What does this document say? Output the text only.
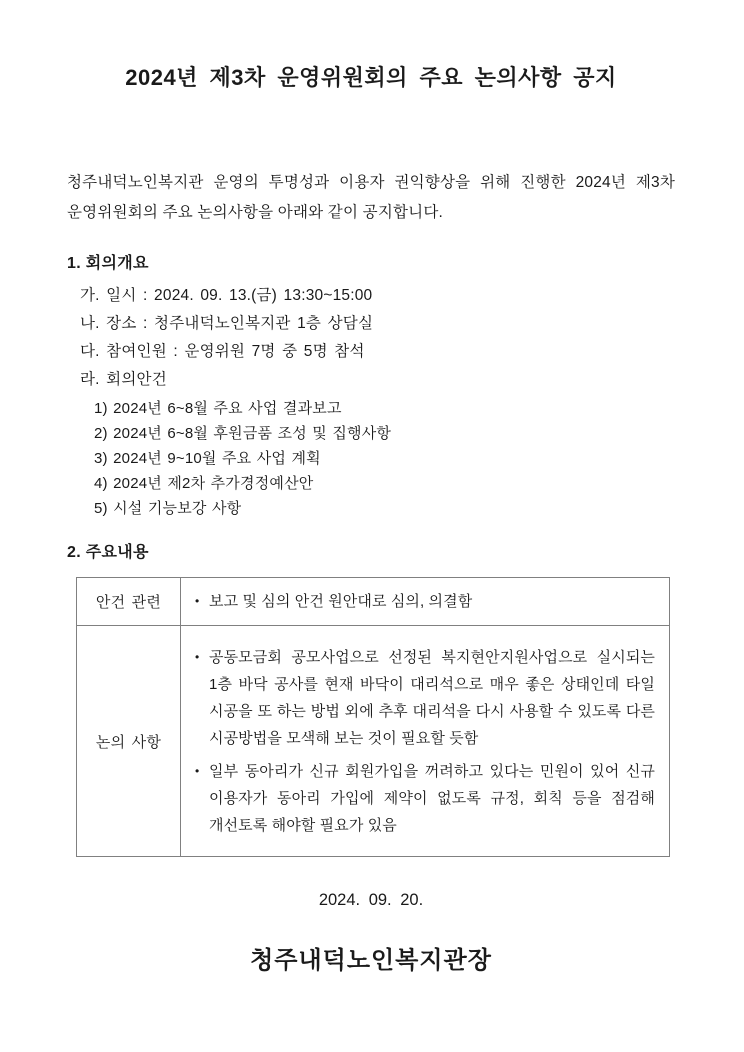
2024년 제3차 운영위원회의 주요 논의사항 공지

청주내덕노인복지관 운영의 투명성과 이용자 권익향상을 위해 진행한 2024년 제3차 운영위원회의 주요 논의사항을 아래와 같이 공지합니다.

1. 회의개요
가. 일시 : 2024. 09. 13.(금) 13:30~15:00
나. 장소 : 청주내덕노인복지관 1층 상담실
다. 참여인원 : 운영위원 7명 중 5명 참석
라. 회의안건
1) 2024년 6~8월 주요 사업 결과보고
2) 2024년 6~8월 후원금품 조성 및 집행사항
3) 2024년 9~10월 주요 사업 계획
4) 2024년 제2차 추가경정예산안
5) 시설 기능보강 사항
2. 주요내용
안건 관련	• 보고 및 심의 안건 원안대로 심의, 의결함

논의 사항	
• 공동모금회 공모사업으로 선정된 복지현안지원사업으로 실시되는 1층 바닥 공사를 현재 바닥이 대리석으로 매우 좋은 상태인데 타일 시공을 또 하는 방법 외에 추후 대리석을 다시 사용할 수 있도록 다른 시공방법을 모색해 보는 것이 필요할 듯함
• 일부 동아리가 신규 회원가입을 꺼려하고 있다는 민원이 있어 신규 이용자가 동아리 가입에 제약이 없도록 규정, 회칙 등을 점검해 개선토록 해야할 필요가 있음

2024. 09. 20.

청주내덕노인복지관장
